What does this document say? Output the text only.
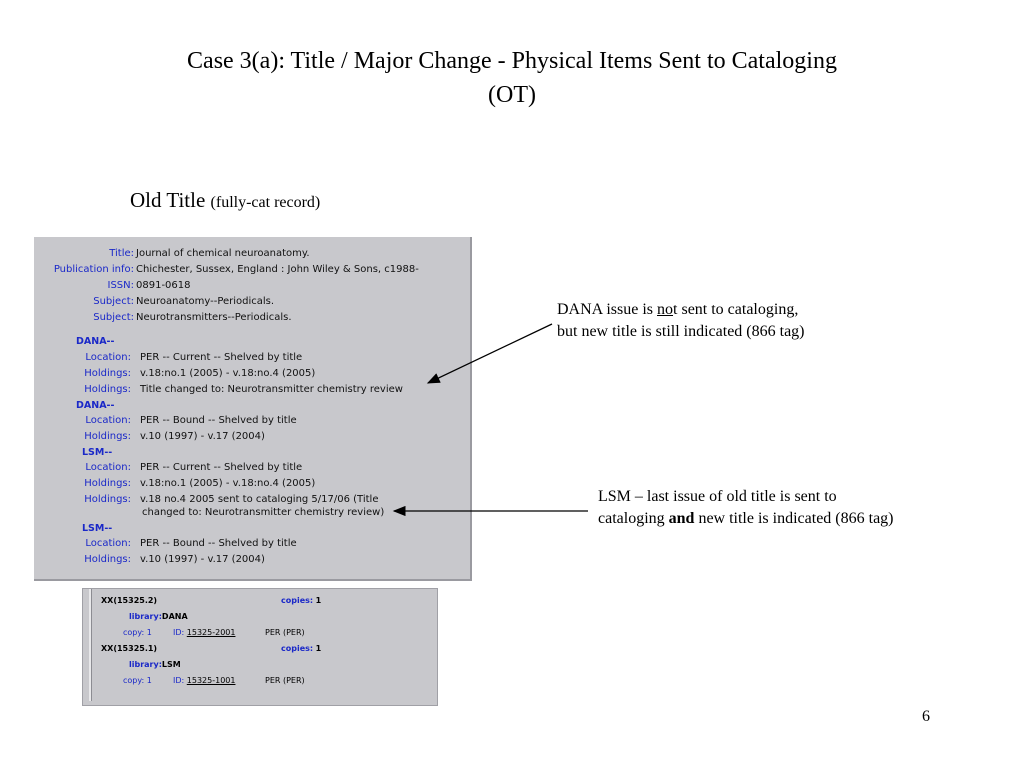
Case 3(a): Title / Major Change - Physical Items Sent to Cataloging
(OT)
Old Title (fully-cat record)
Title: Journal of chemical neuroanatomy.
Publication info: Chichester, Sussex, England : John Wiley & Sons, c1988-
ISSN: 0891-0618
Subject: Neuroanatomy--Periodicals.
Subject: Neurotransmitters--Periodicals.
DANA--
Location: PER -- Current -- Shelved by title
Holdings: v.18:no.1 (2005) - v.18:no.4 (2005)
Holdings: Title changed to: Neurotransmitter chemistry review
DANA--
Location: PER -- Bound -- Shelved by title
Holdings: v.10 (1997) - v.17 (2004)
LSM--
Location: PER -- Current -- Shelved by title
Holdings: v.18:no.1 (2005) - v.18:no.4 (2005)
Holdings: v.18 no.4 2005 sent to cataloging 5/17/06 (Title
changed to: Neurotransmitter chemistry review)
LSM--
Location: PER -- Bound -- Shelved by title
Holdings: v.10 (1997) - v.17 (2004)
XX(15325.2)	copies: 1
library:DANA
copy: 1	ID: 15325-2001	PER (PER)
XX(15325.1)	copies: 1
library:LSM
copy: 1	ID: 15325-1001	PER (PER)
DANA issue is not sent to cataloging,
but new title is still indicated (866 tag)
LSM – last issue of old title is sent to
cataloging and new title is indicated (866 tag)
6
